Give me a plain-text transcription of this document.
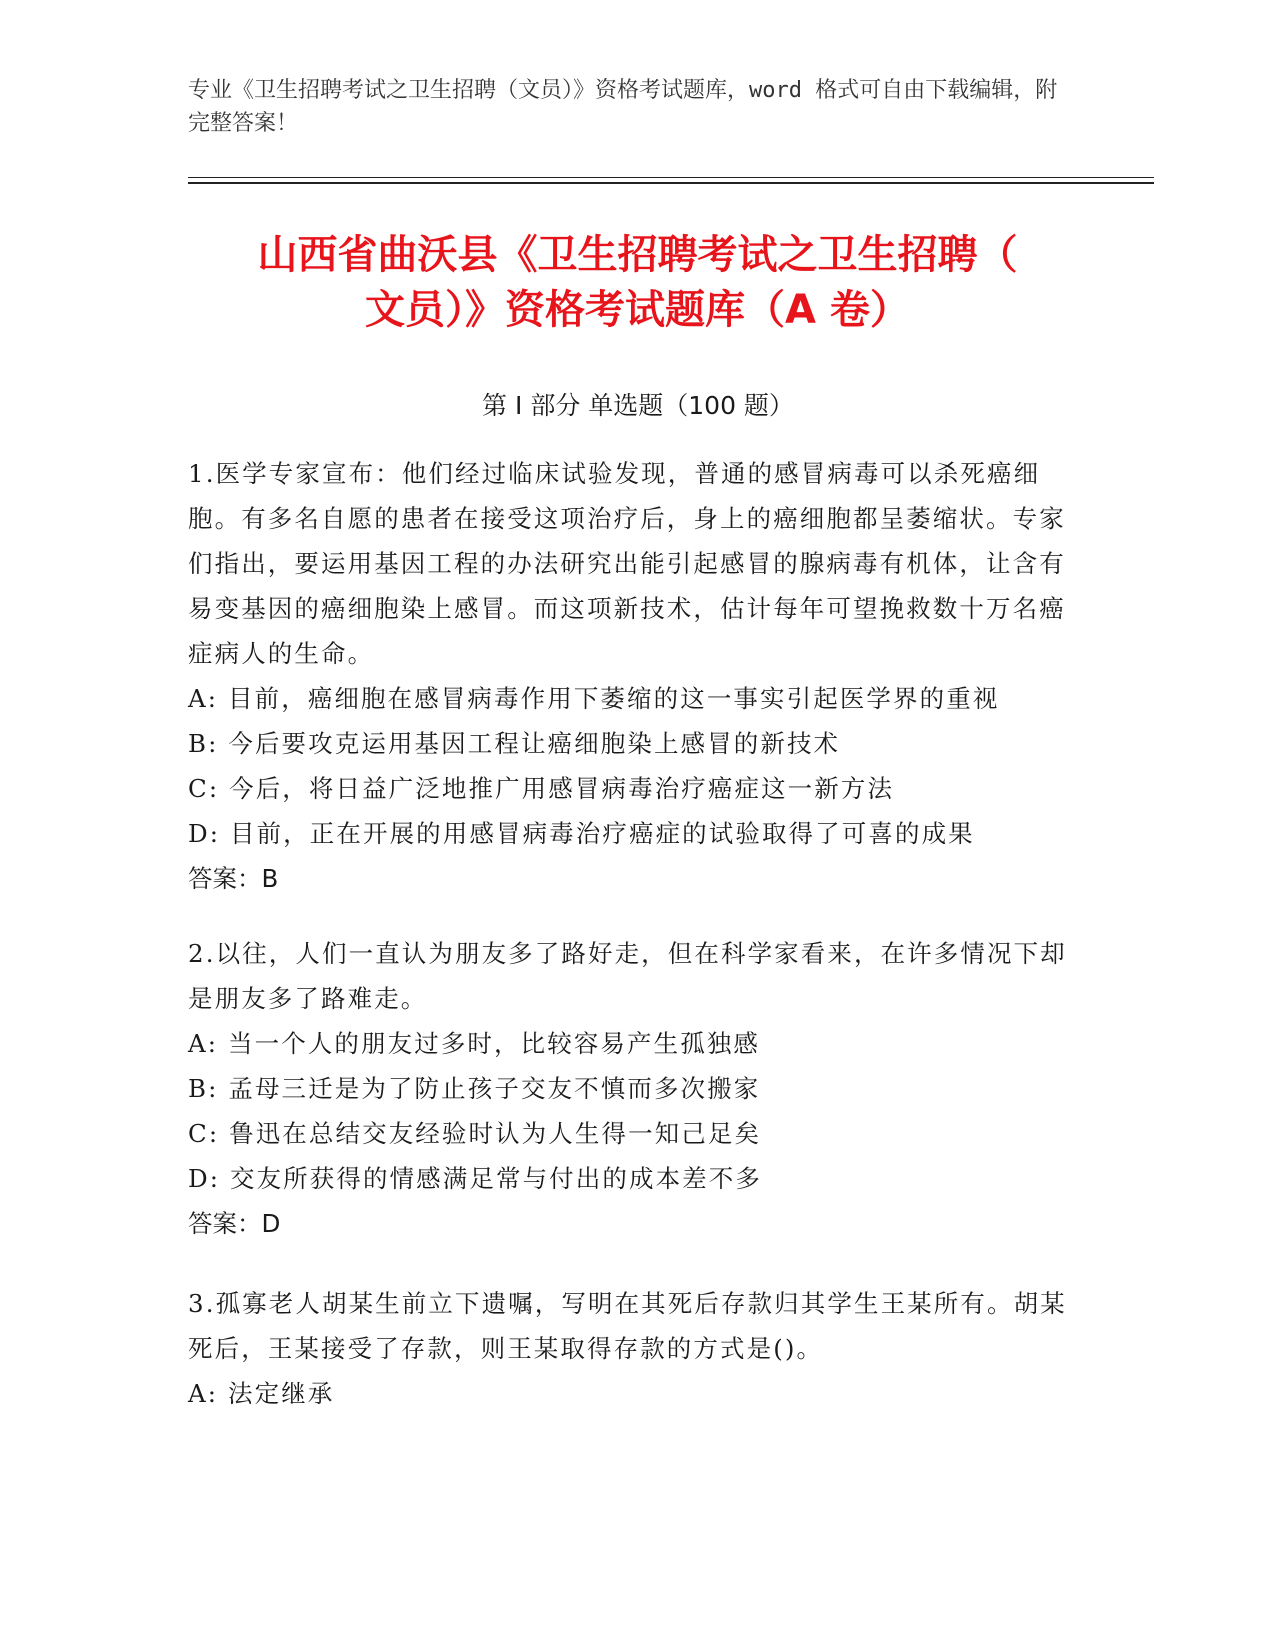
专业《卫生招聘考试之卫生招聘（文员）》资格考试题库，word 格式可自由下载编辑，附完整答案！
山西省曲沃县《卫生招聘考试之卫生招聘（
文员）》资格考试题库（A 卷）
第 I 部分 单选题（100 题）

1.医学专家宣布：他们经过临床试验发现，普通的感冒病毒可以杀死癌细胞。有多名自愿的患者在接受这项治疗后，身上的癌细胞都呈萎缩状。专家们指出，要运用基因工程的办法研究出能引起感冒的腺病毒有机体，让含有易变基因的癌细胞染上感冒。而这项新技术，估计每年可望挽救数十万名癌症病人的生命。

A: 目前，癌细胞在感冒病毒作用下萎缩的这一事实引起医学界的重视

B: 今后要攻克运用基因工程让癌细胞染上感冒的新技术

C: 今后，将日益广泛地推广用感冒病毒治疗癌症这一新方法

D: 目前，正在开展的用感冒病毒治疗癌症的试验取得了可喜的成果

答案：B

2.以往，人们一直认为朋友多了路好走，但在科学家看来，在许多情况下却是朋友多了路难走。

A: 当一个人的朋友过多时，比较容易产生孤独感

B: 孟母三迁是为了防止孩子交友不慎而多次搬家

C: 鲁迅在总结交友经验时认为人生得一知己足矣

D: 交友所获得的情感满足常与付出的成本差不多

答案：D

3.孤寡老人胡某生前立下遗嘱，写明在其死后存款归其学生王某所有。胡某死后，王某接受了存款，则王某取得存款的方式是()。

A: 法定继承
